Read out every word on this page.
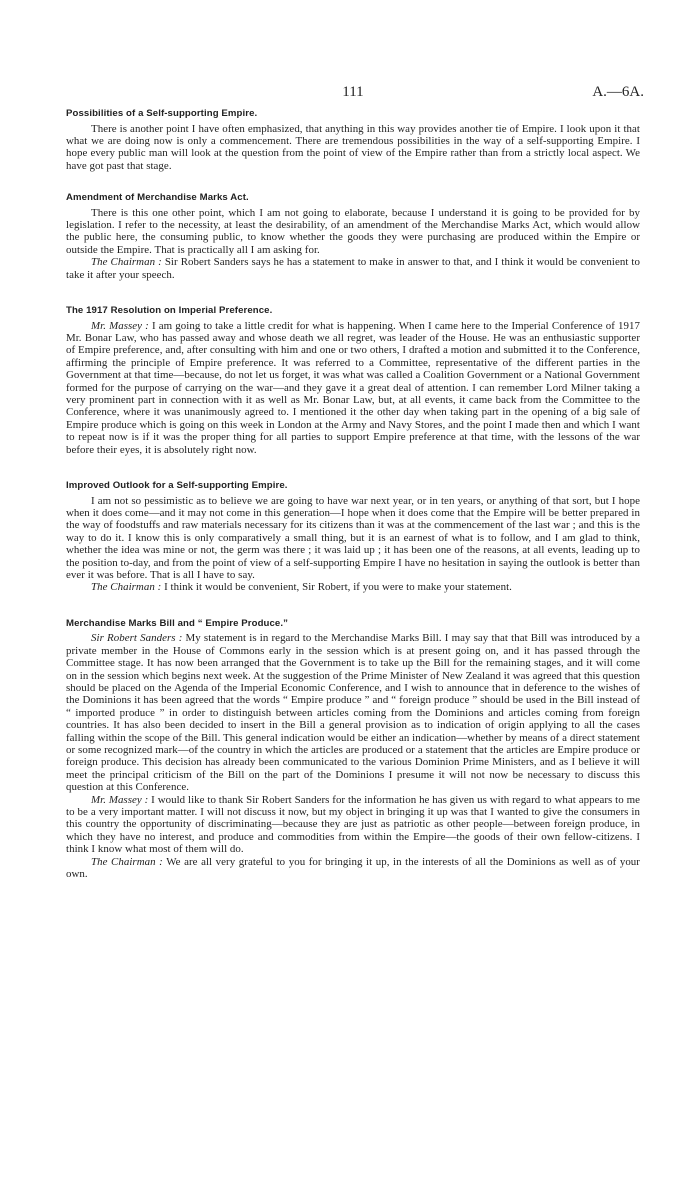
111	A.—6A.
Possibilities of a Self-supporting Empire.

There is another point I have often emphasized, that anything in this way provides another tie of Empire. I look upon it that what we are doing now is only a commencement. There are tremendous possibilities in the way of a self-supporting Empire. I hope every public man will look at the question from the point of view of the Empire rather than from a strictly local aspect. We have got past that stage.

Amendment of Merchandise Marks Act.

There is this one other point, which I am not going to elaborate, because I understand it is going to be provided for by legislation. I refer to the necessity, at least the desirability, of an amendment of the Merchandise Marks Act, which would allow the public here, the consuming public, to know whether the goods they were purchasing are produced within the Empire or outside the Empire. That is practically all I am asking for.

The Chairman : Sir Robert Sanders says he has a statement to make in answer to that, and I think it would be convenient to take it after your speech.

The 1917 Resolution on Imperial Preference.

Mr. Massey : I am going to take a little credit for what is happening. When I came here to the Imperial Conference of 1917 Mr. Bonar Law, who has passed away and whose death we all regret, was leader of the House. He was an enthusiastic supporter of Empire preference, and, after consulting with him and one or two others, I drafted a motion and submitted it to the Conference, affirming the principle of Empire preference. It was referred to a Committee, representative of the different parties in the Government at that time—because, do not let us forget, it was what was called a Coalition Government or a National Government formed for the purpose of carrying on the war—and they gave it a great deal of attention. I can remember Lord Milner taking a very prominent part in connection with it as well as Mr. Bonar Law, but, at all events, it came back from the Committee to the Conference, where it was unanimously agreed to. I mentioned it the other day when taking part in the opening of a big sale of Empire produce which is going on this week in London at the Army and Navy Stores, and the point I made then and which I want to repeat now is if it was the proper thing for all parties to support Empire preference at that time, with the lessons of the war before their eyes, it is absolutely right now.

Improved Outlook for a Self-supporting Empire.

I am not so pessimistic as to believe we are going to have war next year, or in ten years, or anything of that sort, but I hope when it does come—and it may not come in this generation—I hope when it does come that the Empire will be better prepared in the way of foodstuffs and raw materials necessary for its citizens than it was at the commencement of the last war ; and this is the way to do it. I know this is only comparatively a small thing, but it is an earnest of what is to follow, and I am glad to think, whether the idea was mine or not, the germ was there ; it was laid up ; it has been one of the reasons, at all events, leading up to the position to-day, and from the point of view of a self-supporting Empire I have no hesitation in saying the outlook is better than ever it was before. That is all I have to say.

The Chairman : I think it would be convenient, Sir Robert, if you were to make your statement.

Merchandise Marks Bill and “ Empire Produce.”

Sir Robert Sanders : My statement is in regard to the Merchandise Marks Bill. I may say that that Bill was introduced by a private member in the House of Commons early in the session which is at present going on, and it has passed through the Committee stage. It has now been arranged that the Government is to take up the Bill for the remaining stages, and it will come on in the session which begins next week. At the suggestion of the Prime Minister of New Zealand it was agreed that this question should be placed on the Agenda of the Imperial Economic Conference, and I wish to announce that in deference to the wishes of the Dominions it has been agreed that the words “ Empire produce ” and “ foreign produce ” should be used in the Bill instead of “ imported produce ” in order to distinguish between articles coming from the Dominions and articles coming from foreign countries. It has also been decided to insert in the Bill a general provision as to indication of origin applying to all the cases falling within the scope of the Bill. This general indication would be either an indication—whether by means of a direct statement or some recognized mark—of the country in which the articles are produced or a statement that the articles are Empire produce or foreign produce. This decision has already been communicated to the various Dominion Prime Ministers, and as I believe it will meet the principal criticism of the Bill on the part of the Dominions I presume it will not now be necessary to discuss this question at this Conference.

Mr. Massey : I would like to thank Sir Robert Sanders for the information he has given us with regard to what appears to me to be a very important matter. I will not discuss it now, but my object in bringing it up was that I wanted to give the consumers in this country the opportunity of discriminating—because they are just as patriotic as other people—between foreign produce, in which they have no interest, and produce and commodities from within the Empire—the goods of their own fellow-citizens. I think I know what most of them will do.

The Chairman : We are all very grateful to you for bringing it up, in the interests of all the Dominions as well as of your own.
